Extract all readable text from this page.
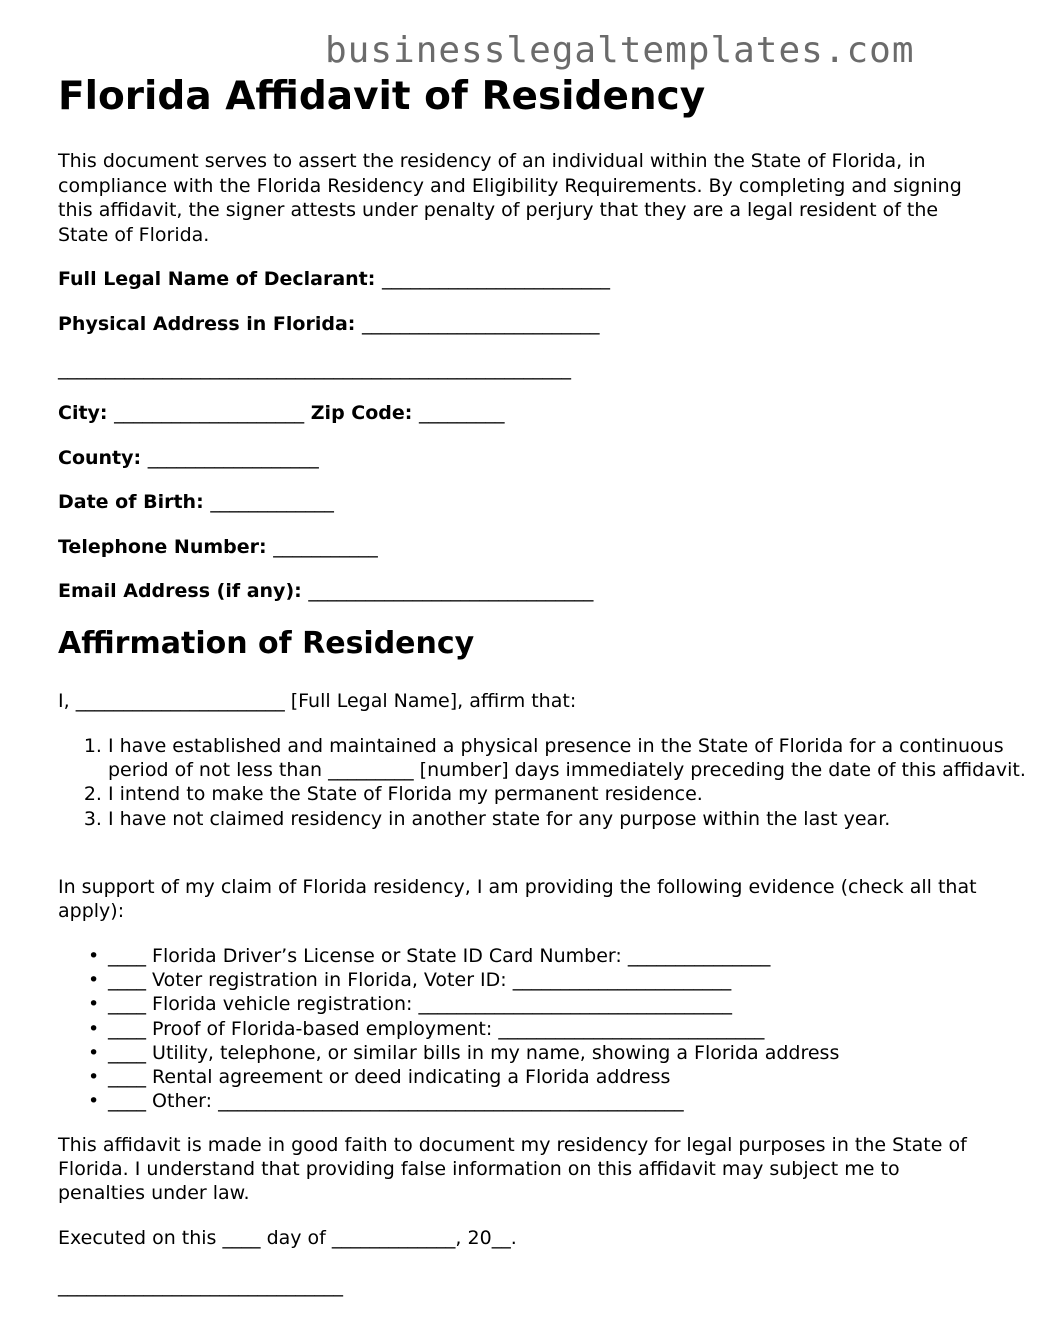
businesslegaltemplates.com
Florida Affidavit of Residency

This document serves to assert the residency of an individual within the State of Florida, in compliance with the Florida Residency and Eligibility Requirements. By completing and signing this affidavit, the signer attests under penalty of perjury that they are a legal resident of the State of Florida.

Full Legal Name of Declarant: ________________________
Physical Address in Florida: _________________________
______________________________________________________
City: ____________________ Zip Code: _________
County: __________________
Date of Birth: _____________
Telephone Number: ___________
Email Address (if any): ______________________________
Affirmation of Residency

I, ______________________ [Full Legal Name], affirm that:

1. I have established and maintained a physical presence in the State of Florida for a continuous period of not less than _________ [number] days immediately preceding the date of this affidavit.
2. I intend to make the State of Florida my permanent residence.
3. I have not claimed residency in another state for any purpose within the last year.

In support of my claim of Florida residency, I am providing the following evidence (check all that apply):

• ____ Florida Driver’s License or State ID Card Number: _______________
• ____ Voter registration in Florida, Voter ID: _______________________
• ____ Florida vehicle registration: _________________________________
• ____ Proof of Florida-based employment: ____________________________
• ____ Utility, telephone, or similar bills in my name, showing a Florida address
• ____ Rental agreement or deed indicating a Florida address
• ____ Other: _________________________________________________

This affidavit is made in good faith to document my residency for legal purposes in the State of Florida. I understand that providing false information on this affidavit may subject me to penalties under law.

Executed on this ____ day of _____________, 20__.

______________________________
